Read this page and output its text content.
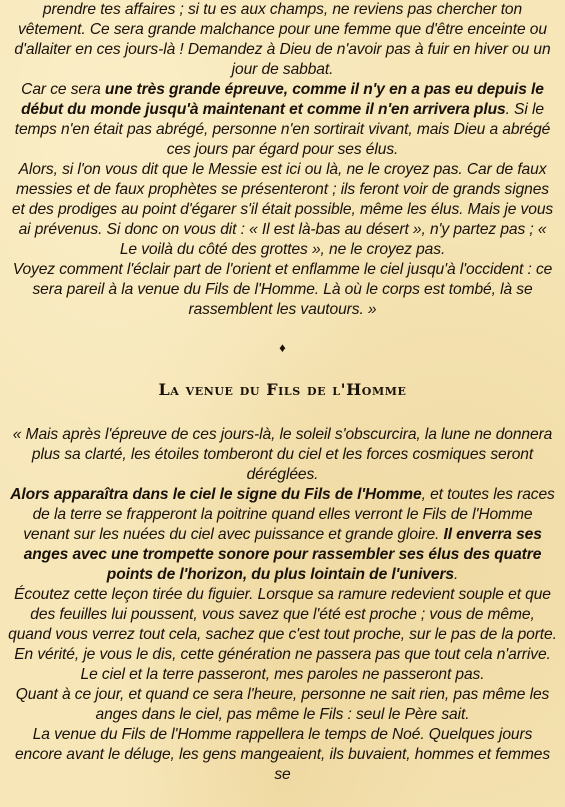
prendre tes affaires ; si tu es aux champs, ne reviens pas chercher ton vêtement. Ce sera grande malchance pour une femme que d'être enceinte ou d'allaiter en ces jours-là ! Demandez à Dieu de n'avoir pas à fuir en hiver ou un jour de sabbat.

Car ce sera une très grande épreuve, comme il n'y en a pas eu depuis le début du monde jusqu'à maintenant et comme il n'en arrivera plus. Si le temps n'en était pas abrégé, personne n'en sortirait vivant, mais Dieu a abrégé ces jours par égard pour ses élus.

Alors, si l'on vous dit que le Messie est ici ou là, ne le croyez pas. Car de faux messies et de faux prophètes se présenteront ; ils feront voir de grands signes et des prodiges au point d'égarer s'il était possible, même les élus. Mais je vous ai prévenus. Si donc on vous dit : « Il est là-bas au désert », n'y partez pas ; « Le voilà du côté des grottes », ne le croyez pas.

Voyez comment l'éclair part de l'orient et enflamme le ciel jusqu'à l'occident : ce sera pareil à la venue du Fils de l'Homme. Là où le corps est tombé, là se rassemblent les vautours. »

♦
La venue du Fils de l'Homme

« Mais après l'épreuve de ces jours-là, le soleil s'obscurcira, la lune ne donnera plus sa clarté, les étoiles tomberont du ciel et les forces cosmiques seront déréglées.

Alors apparaîtra dans le ciel le signe du Fils de l'Homme, et toutes les races de la terre se frapperont la poitrine quand elles verront le Fils de l'Homme venant sur les nuées du ciel avec puissance et grande gloire. Il enverra ses anges avec une trompette sonore pour rassembler ses élus des quatre points de l'horizon, du plus lointain de l'univers.

Écoutez cette leçon tirée du figuier. Lorsque sa ramure redevient souple et que des feuilles lui poussent, vous savez que l'été est proche ; vous de même, quand vous verrez tout cela, sachez que c'est tout proche, sur le pas de la porte.

En vérité, je vous le dis, cette génération ne passera pas que tout cela n'arrive. Le ciel et la terre passeront, mes paroles ne passeront pas.

Quant à ce jour, et quand ce sera l'heure, personne ne sait rien, pas même les anges dans le ciel, pas même le Fils : seul le Père sait.

La venue du Fils de l'Homme rappellera le temps de Noé. Quelques jours encore avant le déluge, les gens mangeaient, ils buvaient, hommes et femmes se
